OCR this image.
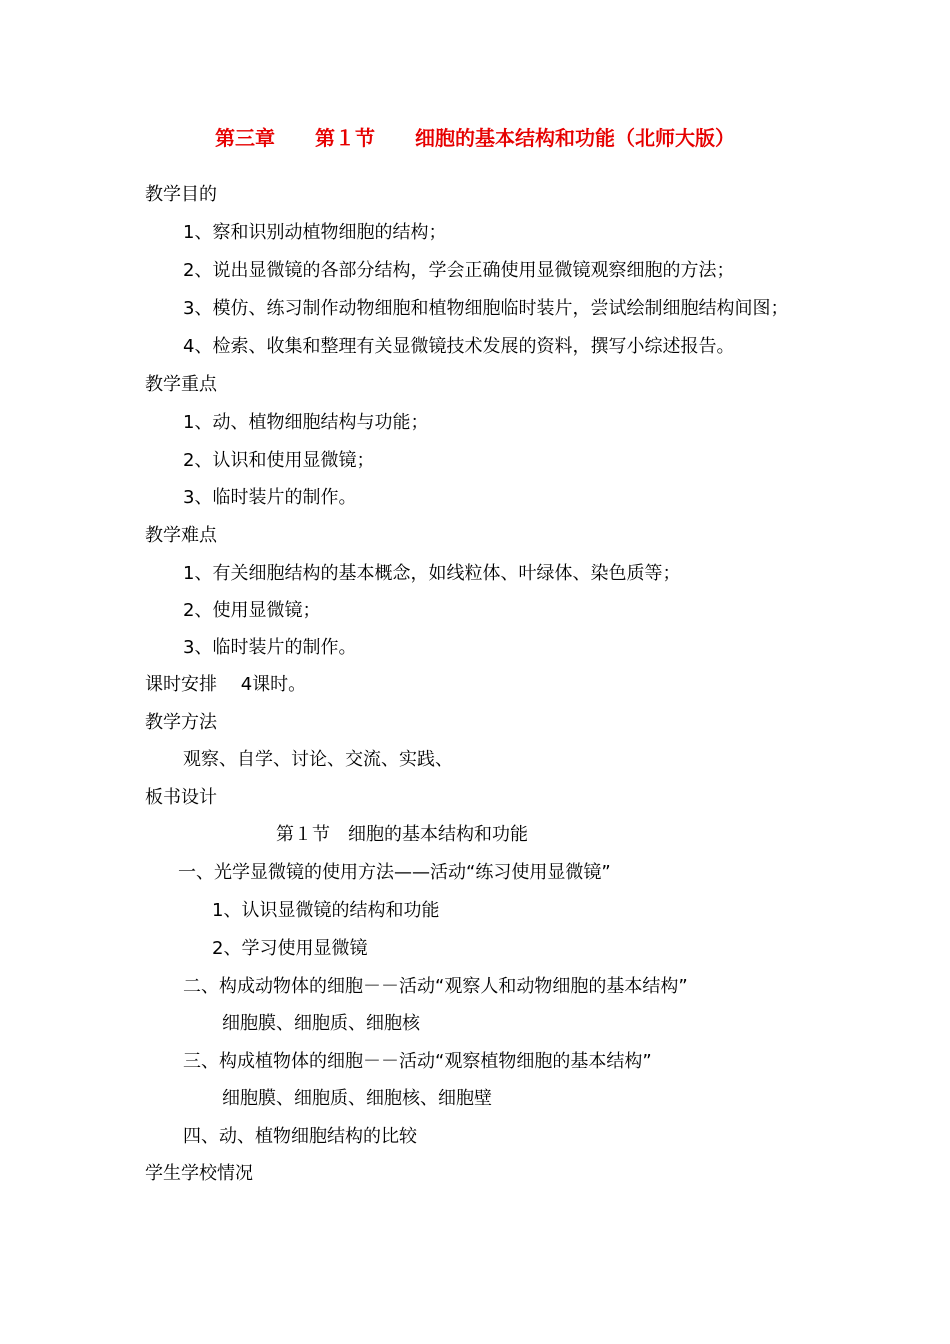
第三章　　第１节　　细胞的基本结构和功能（北师大版）
教学目的
1、察和识别动植物细胞的结构；
2、说出显微镜的各部分结构，学会正确使用显微镜观察细胞的方法；
3、模仿、练习制作动物细胞和植物细胞临时装片，尝试绘制细胞结构间图；
4、检索、收集和整理有关显微镜技术发展的资料，撰写小综述报告。
教学重点
1、动、植物细胞结构与功能；
2、认识和使用显微镜；
3、临时装片的制作。
教学难点
1、有关细胞结构的基本概念，如线粒体、叶绿体、染色质等；
2、使用显微镜；
3、临时装片的制作。
课时安排　 4课时。
教学方法
观察、自学、讨论、交流、实践、
板书设计
第１节　细胞的基本结构和功能
一、光学显微镜的使用方法——活动“练习使用显微镜”
1、认识显微镜的结构和功能
2、学习使用显微镜
二、构成动物体的细胞－－活动“观察人和动物细胞的基本结构”
细胞膜、细胞质、细胞核
三、构成植物体的细胞－－活动“观察植物细胞的基本结构”
细胞膜、细胞质、细胞核、细胞壁
四、动、植物细胞结构的比较
学生学校情况
